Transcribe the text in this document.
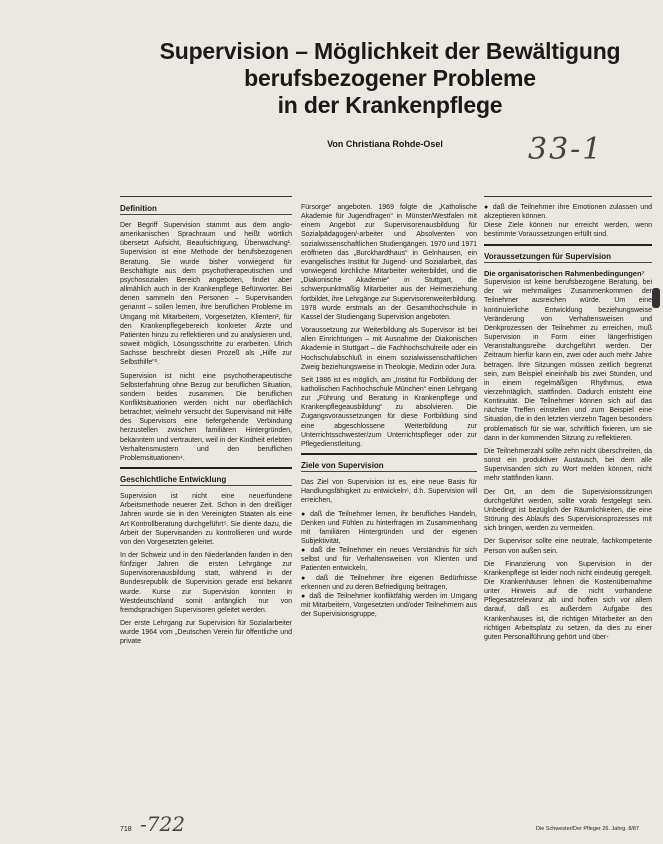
Supervision – Möglichkeit der Bewältigung
berufsbezogener Probleme
in der Krankenpflege
Von Christiana Rohde-Osel	33-1

Definition

Der Begriff Supervision stammt aus dem anglo-amerikanischen Sprachraum und heißt wörtlich übersetzt Aufsicht, Beaufsichtigung, Überwachung¹. Supervision ist eine Methode der berufsbezogenen Beratung. Sie wurde bisher vorwiegend für Beschäftigte aus dem psychotherapeutischen und psychosozialen Bereich angeboten, findet aber allmählich auch in der Krankenpflege Befürworter. Bei denen sammeln den Personen – Supervisanden genannt – sollen lernen, ihre beruflichen Probleme im Umgang mit Mitarbeitern, Vorgesetzten, Klienten², für den Krankenpflegebereich konkreter Ärzte und Patienten hinzu zu reflektieren und zu analysieren und, soweit möglich, Lösungsschritte zu erarbeiten. Ulrich Sachsse beschreibt diesen Prozeß als „Hilfe zur Selbsthilfe“³.

Supervision ist nicht eine psychotherapeutische Selbsterfahrung ohne Bezug zur beruflichen Situation, sondern beides zusammen. Die beruflichen Konfliktsituationen werden nicht nur oberflächlich betrachtet; vielmehr versucht der Supervisand mit Hilfe des Supervisors eine tiefergehende Verbindung herzustellen zwischen familiären Hintergründen, bekanntem und vertrauten, weil in der Kindheit erlebten Verhaltensmustern und den beruflichen Problemsituationen⁴.

Geschichtliche Entwicklung

Supervision ist nicht eine neuerfundene Arbeitsmethode neuerer Zeit. Schon in den dreißiger Jahren wurde sie in den Vereinigten Staaten als eine Art Kontrollberatung durchgeführt⁵. Sie diente dazu, die Arbeit der Supervisanden zu kontrollieren und wurde von den Vorgesetzten geleitet.

In der Schweiz und in den Niederlanden fanden in den fünfziger Jahren die ersten Lehrgänge zur Supervisorenausbildung statt, während in der Bundesrepublik die Supervision gerade erst bekannt wurde. Kurse zur Supervision konnten in Westdeutschland somit anfänglich nur von fremdsprachigen Supervisoren geleitet werden.

Der erste Lehrgang zur Supervision für Sozialarbeiter wurde 1964 vom „Deutschen Verein für öffentliche und private

Fürsorge“ angeboten. 1969 folgte die „Katholische Akademie für Jugendfragen“ in Münster/Westfalen mit einem Angebot zur Supervisorenausbildung für Sozialpädagogen/-arbeiter und Absolventen von sozialwissenschaftlichen Studiengängen. 1970 und 1971 eröffneten das „Burckhardthaus“ in Gelnhausen, ein evangelisches Institut für Jugend- und Sozialarbeit, das vorwiegend kirchliche Mitarbeiter weiterbildet, und die „Diakonische Akademie“ in Stuttgart, die schwerpunktmäßig Mitarbeiter aus der Heimerziehung fortbildet, ihre Lehrgänge zur Supervisorenweiterbildung. 1978 wurde erstmals an der Gesamthochschule in Kassel der Studiengang Supervision angeboten.

Voraussetzung zur Weiterbildung als Supervisor ist bei allen Einrichtungen – mit Ausnahme der Diakonischen Akademie in Stuttgart – die Fachhochschulreife oder ein Hochschulabschluß in einem sozialwissenschaftlichen Zweig beziehungsweise in Theologie, Medizin oder Jura.

Seit 1986 ist es möglich, am „Institut für Fortbildung der katholischen Fachhochschule München“ einen Lehrgang zur „Führung und Beratung in Krankenpflege und Krankenpflegeausbildung“ zu absolvieren. Die Zugangsvoraussetzungen für diese Fortbildung sind eine abgeschlossene Weiterbildung zur Unterrichtsschwester/zum Unterrichtspfleger oder zur Pflegedienstleitung.

Ziele von Supervision

Das Ziel von Supervision ist es, eine neue Basis für Handlungsfähigkeit zu entwickeln⁶, d.h. Supervision will erreichen,

● daß die Teilnehmer lernen, ihr berufliches Handeln, Denken und Fühlen zu hinterfragen im Zusammenhang mit familiären Hintergründen und der eigenen Subjektivität,

● daß die Teilnehmer ein neues Verständnis für sich selbst und für Verhaltensweisen von Klienten und Patienten entwickeln,

● daß die Teilnehmer ihre eigenen Bedürfnisse erkennen und zu deren Befriedigung beitragen,

● daß die Teilnehmer konfliktfähig werden im Umgang mit Mitarbeitern, Vorgesetzten und/oder Teilnehmern aus der Supervisionsgruppe,

● daß die Teilnehmer ihre Emotionen zulassen und akzeptieren können.

Diese Ziele können nur erreicht werden, wenn bestimmte Voraussetzungen erfüllt sind.

Voraussetzungen für Supervision

Die organisatorischen Rahmenbedingungen⁷

Supervision ist keine berufsbezogene Beratung, bei der wir mehrmaliges Zusammenkommen der Teilnehmer ausreichen würde. Um eine kontinuierliche Entwicklung beziehungsweise Veränderung von Verhaltensweisen und Denkprozessen der Teilnehmer zu erreichen, muß Supervision in Form einer längerfristigen Veranstaltungsreihe durchgeführt werden. Der Zeitraum hierfür kann ein, zwei oder auch mehr Jahre betragen. Ihre Sitzungen müssen zeitlich begrenzt sein, zum Beispiel eineinhalb bis zwei Stunden, und in einem regelmäßigen Rhythmus, etwa vierzehntäglich, stattfinden. Dadurch entsteht eine Kontinuität. Die Teilnehmer können sich auf das nächste Treffen einstellen und zum Beispiel eine Situation, die in den letzten vierzehn Tagen besonders problematisch für sie war, schriftlich fixieren, um sie dann in der kommenden Sitzung zu reflektieren.

Die Teilnehmerzahl sollte zehn nicht überschreiten, da sonst ein produktiver Austausch, bei dem alle Supervisanden sich zu Wort melden können, nicht mehr stattfinden kann.

Der Ort, an dem die Supervisionssitzungen durchgeführt werden, sollte vorab festgelegt sein. Unbedingt ist bezüglich der Räumlichkeiten, die eine Störung des Ablaufs des Supervisionsprozesses mit sich bringen, werden zu vermeiden.

Der Supervisor sollte eine neutrale, fachkompetente Person von außen sein.

Die Finanzierung von Supervision in der Krankenpflege ist leider noch nicht eindeutig geregelt. Die Krankenhäuser lehnen die Kostenübernahme unter Hinweis auf die nicht vorhandene Pflegesatzrelevanz ab und hoffen sich vor allem darauf, daß es außerdem Aufgabe des Krankenhauses ist, die richtigen Mitarbeiter an den richtigen Arbeitsplatz zu setzen, da dies zu einer guten Personalführung gehört und über-

718 -722	Die Schwester/Der Pfleger 26. Jahrg. 8/87
